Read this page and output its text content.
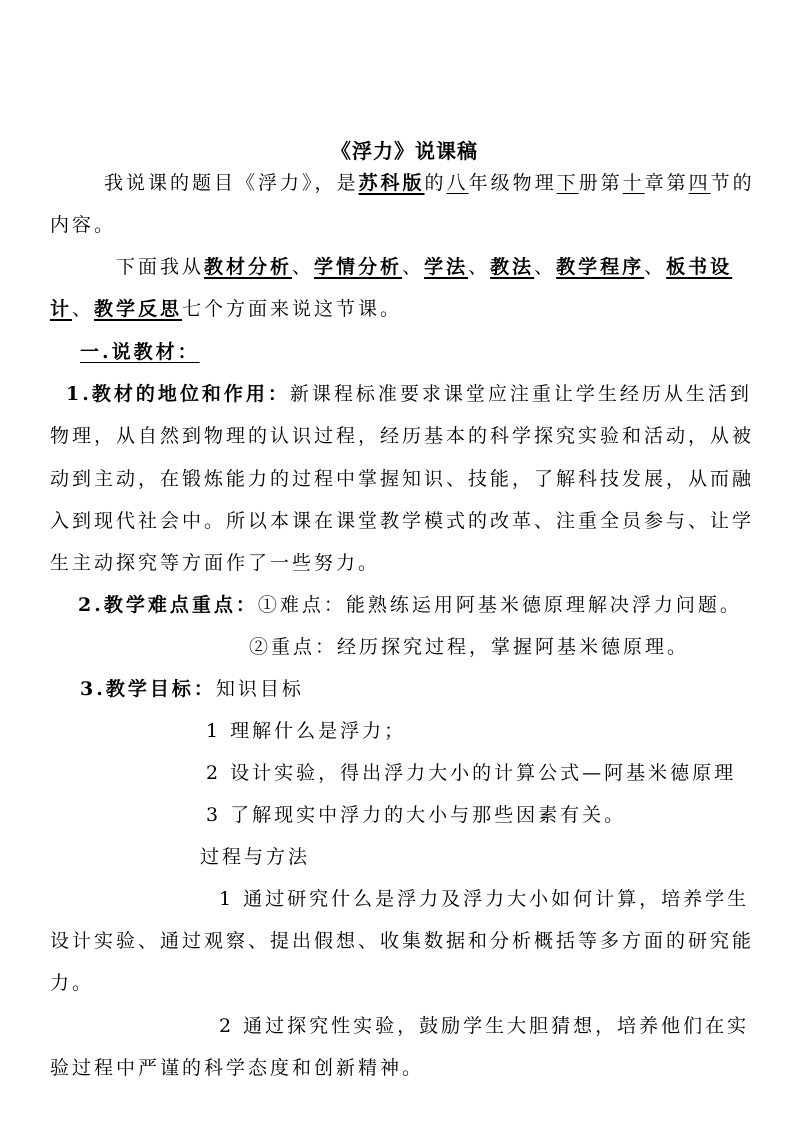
《浮力》说课稿
我说课的题目《浮力》，是苏科版的八年级物理下册第十章第四节的
内容。
下面我从教材分析、学情分析、学法、教法、教学程序、板书设
计、教学反思七个方面来说这节课。
一.说教材：
1.教材的地位和作用：新课程标准要求课堂应注重让学生经历从生活到
物理，从自然到物理的认识过程，经历基本的科学探究实验和活动，从被
动到主动，在锻炼能力的过程中掌握知识、技能，了解科技发展，从而融
入到现代社会中。所以本课在课堂教学模式的改革、注重全员参与、让学
生主动探究等方面作了一些努力。
2.教学难点重点：①难点：能熟练运用阿基米德原理解决浮力问题。
②重点：经历探究过程，掌握阿基米德原理。
3.教学目标：知识目标
1 理解什么是浮力；
2 设计实验，得出浮力大小的计算公式—阿基米德原理
3 了解现实中浮力的大小与那些因素有关。
过程与方法
1 通过研究什么是浮力及浮力大小如何计算，培养学生
设计实验、通过观察、提出假想、收集数据和分析概括等多方面的研究能
力。
2 通过探究性实验，鼓励学生大胆猜想，培养他们在实
验过程中严谨的科学态度和创新精神。
